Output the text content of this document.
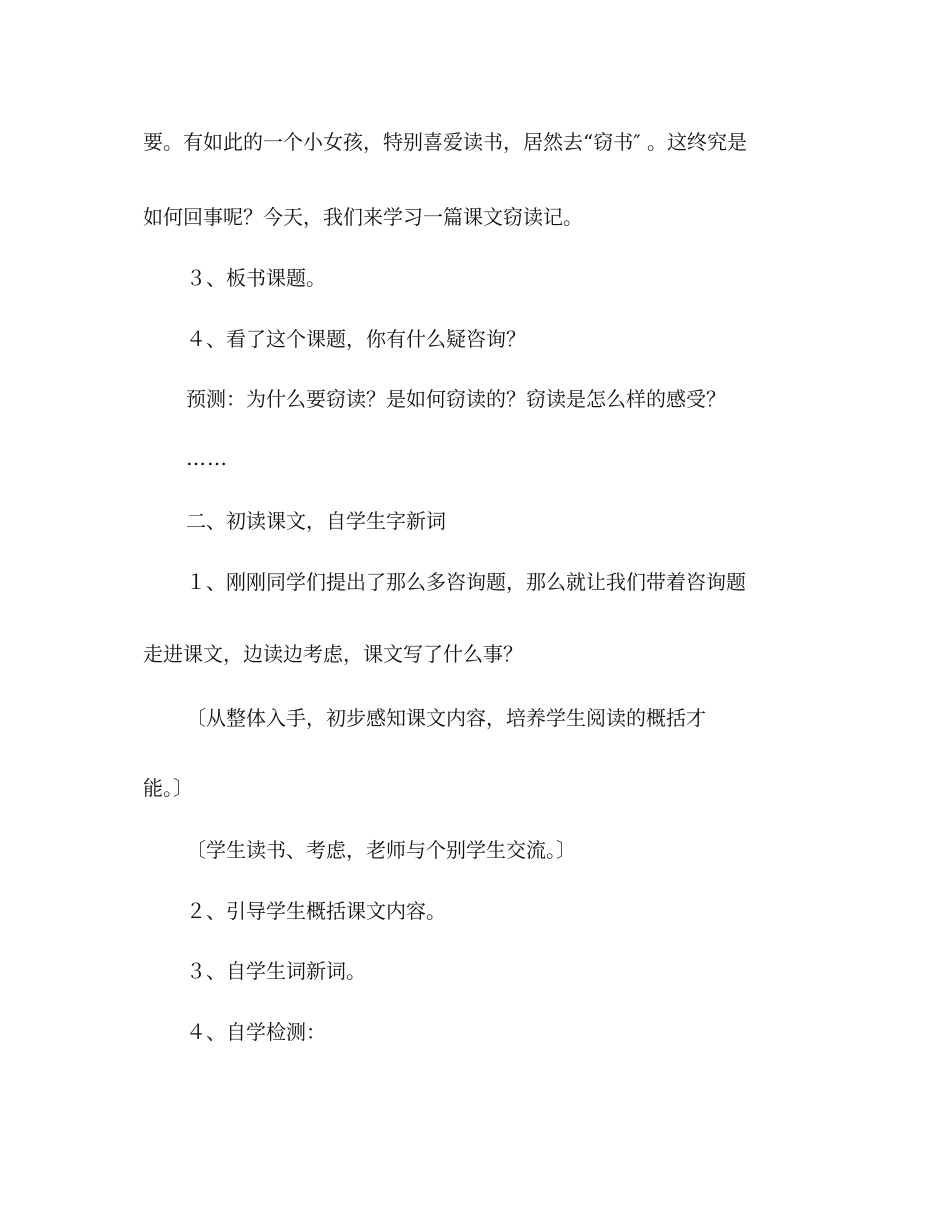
要。有如此的一个小女孩，特别喜爱读书，居然去“窃书″ 。这终究是
如何回事呢？今天，我们来学习一篇课文窃读记。
３、板书课题。
４、看了这个课题，你有什么疑咨询？
预测：为什么要窃读？是如何窃读的？窃读是怎么样的感受？
……
二、初读课文，自学生字新词
１、刚刚同学们提出了那么多咨询题，那么就让我们带着咨询题
走进课文，边读边考虑，课文写了什么事？
〔从整体入手，初步感知课文内容，培养学生阅读的概括才
能。〕
〔学生读书、考虑，老师与个别学生交流。〕
２、引导学生概括课文内容。
３、自学生词新词。
４、自学检测：
